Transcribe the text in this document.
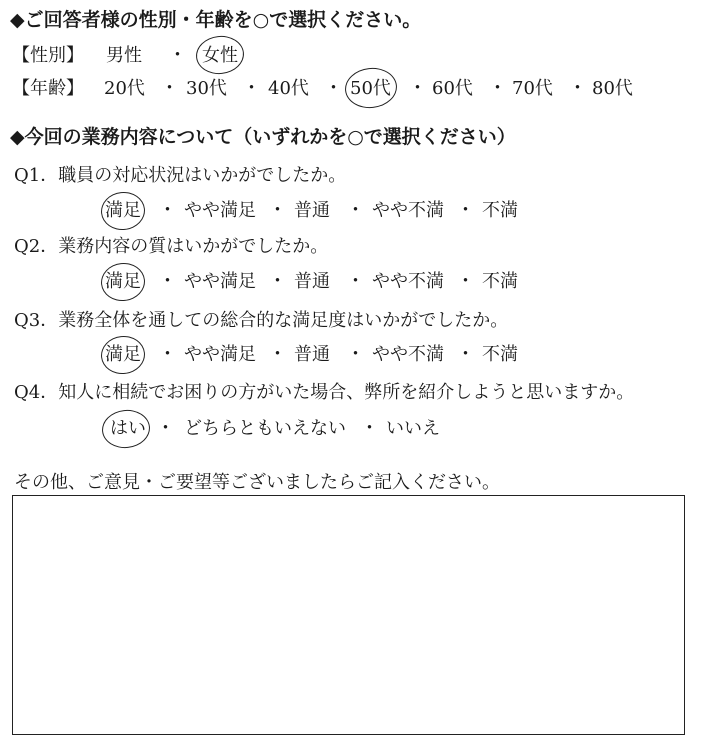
◆ご回答者様の性別・年齢を○で選択ください。
【性別】 男性 ・ 女性
【年齢】 20代 ・ 30代 ・ 40代 ・ 50代 ・ 60代 ・ 70代 ・ 80代
◆今回の業務内容について（いずれかを○で選択ください）
Q1．職員の対応状況はいかがでしたか。
満足 ・ やや満足 ・ 普通 ・ やや不満 ・ 不満
Q2．業務内容の質はいかがでしたか。
満足 ・ やや満足 ・ 普通 ・ やや不満 ・ 不満
Q3．業務全体を通しての総合的な満足度はいかがでしたか。
満足 ・ やや満足 ・ 普通 ・ やや不満 ・ 不満
Q4．知人に相続でお困りの方がいた場合、弊所を紹介しようと思いますか。
はい ・ どちらともいえない ・ いいえ
その他、ご意見・ご要望等ございましたらご記入ください。
